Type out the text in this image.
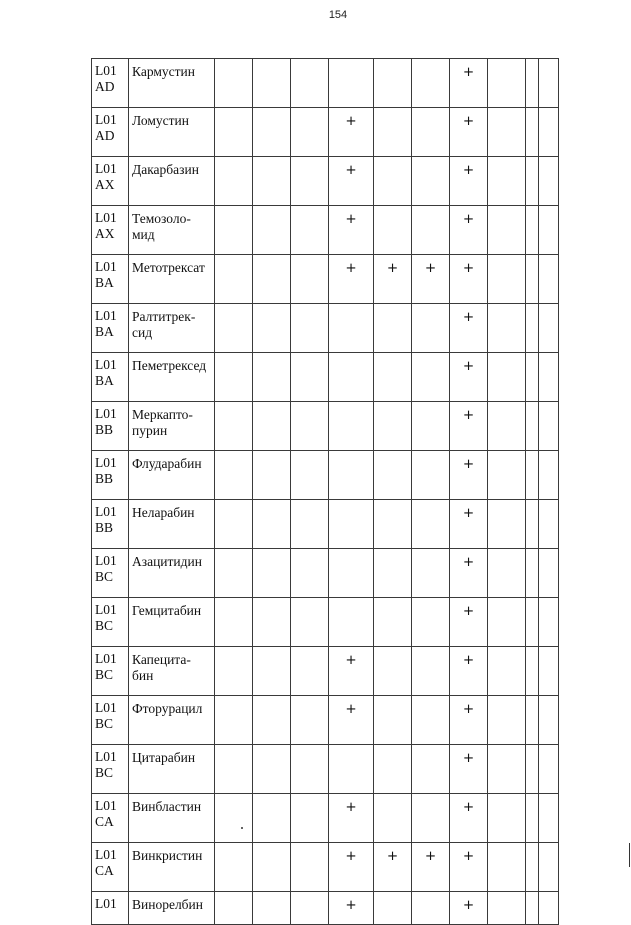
154
L01
AD	Кармустин							+			

L01
AD	Ломустин				+			+			

L01
AX	Дакарбазин				+			+			

L01
AX	Темозоло-
мид				+			+			

L01
BA	Метотрексат				+	+	+	+			

L01
BA	Ралтитрек-
сид							+			

L01
BA	Пеметрексед							+			

L01
BB	Меркапто-
пурин							+			

L01
BB	Флударабин							+			

L01
BB	Неларабин							+			

L01
BC	Азацитидин							+			

L01
BC	Гемцитабин							+			

L01
BC	Капецита-
бин				+			+			

L01
BC	Фторурацил				+			+			

L01
BC	Цитарабин							+			

L01
CA	Винбластин				+			+			

L01
CA	Винкристин				+	+	+	+			

L01	Винорелбин				+			+			
